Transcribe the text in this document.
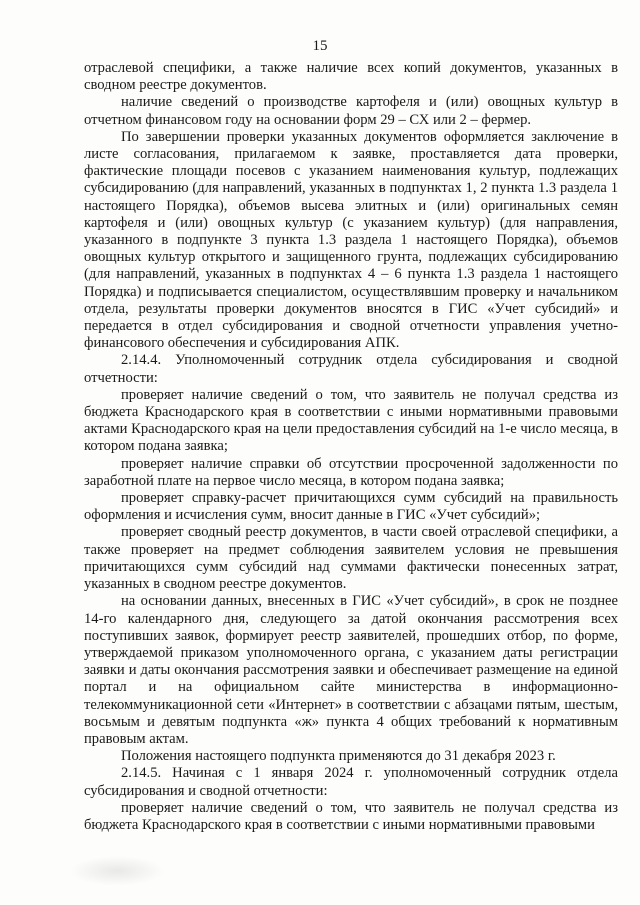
15

отраслевой специфики, а также наличие всех копий документов, указанных в сводном реестре документов.

наличие сведений о производстве картофеля и (или) овощных культур в отчетном финансовом году на основании форм 29 – СХ или 2 – фермер.

По завершении проверки указанных документов оформляется заключение в листе согласования, прилагаемом к заявке, проставляется дата проверки, фактические площади посевов с указанием наименования культур, подлежащих субсидированию (для направлений, указанных в подпунктах 1, 2 пункта 1.3 раздела 1 настоящего Порядка), объемов высева элитных и (или) оригинальных семян картофеля и (или) овощных культур (с указанием культур) (для направления, указанного в подпункте 3 пункта 1.3 раздела 1 настоящего Порядка), объемов овощных культур открытого и защищенного грунта, подлежащих субсидированию (для направлений, указанных в подпунктах 4 – 6 пункта 1.3 раздела 1 настоящего Порядка) и подписывается специалистом, осуществлявшим проверку и начальником отдела, результаты проверки документов вносятся в ГИС «Учет субсидий» и передается в отдел субсидирования и сводной отчетности управления учетно-финансового обеспечения и субсидирования АПК.

2.14.4. Уполномоченный сотрудник отдела субсидирования и сводной отчетности:

проверяет наличие сведений о том, что заявитель не получал средства из бюджета Краснодарского края в соответствии с иными нормативными правовыми актами Краснодарского края на цели предоставления субсидий на 1-е число месяца, в котором подана заявка;

проверяет наличие справки об отсутствии просроченной задолженности по заработной плате на первое число месяца, в котором подана заявка;

проверяет справку-расчет причитающихся сумм субсидий на правильность оформления и исчисления сумм, вносит данные в ГИС «Учет субсидий»;

проверяет сводный реестр документов, в части своей отраслевой специфики, а также проверяет на предмет соблюдения заявителем условия не превышения причитающихся сумм субсидий над суммами фактически понесенных затрат, указанных в сводном реестре документов.

на основании данных, внесенных в ГИС «Учет субсидий», в срок не позднее 14-го календарного дня, следующего за датой окончания рассмотрения всех поступивших заявок, формирует реестр заявителей, прошедших отбор, по форме, утверждаемой приказом уполномоченного органа, с указанием даты регистрации заявки и даты окончания рассмотрения заявки и обеспечивает размещение на единой портал и на официальном сайте министерства в информационно-телекоммуникационной сети «Интернет» в соответствии с абзацами пятым, шестым, восьмым и девятым подпункта «ж» пункта 4 общих требований к нормативным правовым актам.

Положения настоящего подпункта применяются до 31 декабря 2023 г.

2.14.5. Начиная с 1 января 2024 г. уполномоченный сотрудник отдела субсидирования и сводной отчетности:

проверяет наличие сведений о том, что заявитель не получал средства из бюджета Краснодарского края в соответствии с иными нормативными правовыми
